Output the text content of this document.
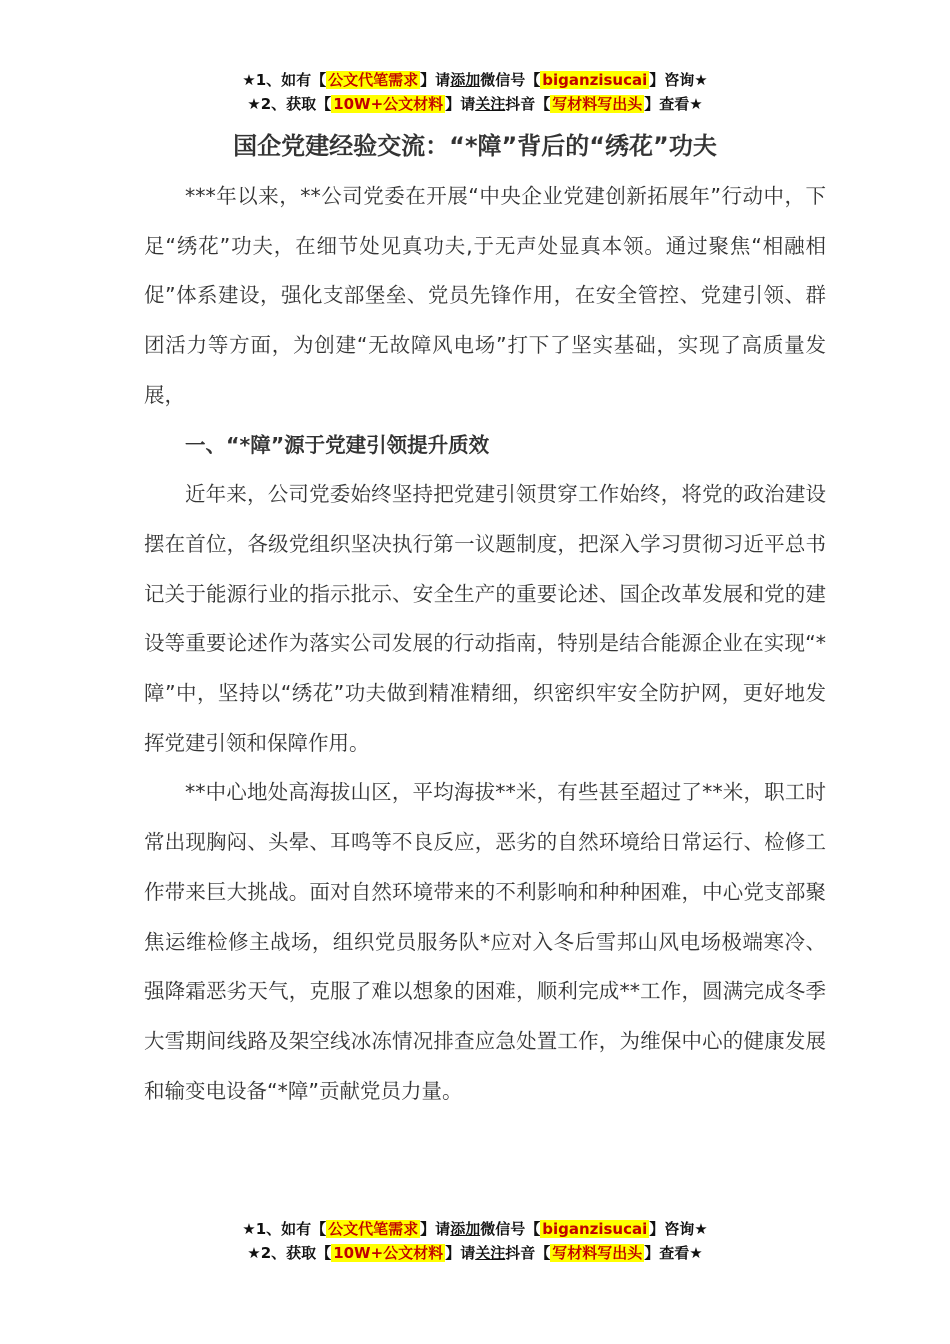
★1、如有【 公文代笔需求 】请添加微信号【 biganzisucai 】咨询★
★2、获取【 10W+公文材料 】请关注抖音【 写材料写出头 】查看★
国企党建经验交流：“*障”背后的“绣花”功夫

***年以来，**公司党委在开展“中央企业党建创新拓展年”行动中，下足“绣花”功夫，在细节处见真功夫,于无声处显真本领。通过聚焦“相融相促”体系建设，强化支部堡垒、党员先锋作用，在安全管控、党建引领、群团活力等方面，为创建“无故障风电场”打下了坚实基础，实现了高质量发展，

一、“*障”源于党建引领提升质效

近年来，公司党委始终坚持把党建引领贯穿工作始终，将党的政治建设摆在首位，各级党组织坚决执行第一议题制度，把深入学习贯彻习近平总书记关于能源行业的指示批示、安全生产的重要论述、国企改革发展和党的建设等重要论述作为落实公司发展的行动指南，特别是结合能源企业在实现“*障”中，坚持以“绣花”功夫做到精准精细，织密织牢安全防护网，更好地发挥党建引领和保障作用。

**中心地处高海拔山区，平均海拔**米，有些甚至超过了**米，职工时常出现胸闷、头晕、耳鸣等不良反应，恶劣的自然环境给日常运行、检修工作带来巨大挑战。面对自然环境带来的不利影响和种种困难，中心党支部聚焦运维检修主战场，组织党员服务队*应对入冬后雪邦山风电场极端寒冷、强降霜恶劣天气，克服了难以想象的困难，顺利完成**工作，圆满完成冬季大雪期间线路及架空线冰冻情况排查应急处置工作，为维保中心的健康发展和输变电设备“*障”贡献党员力量。

★1、如有【 公文代笔需求 】请添加微信号【 biganzisucai 】咨询★
★2、获取【 10W+公文材料 】请关注抖音【 写材料写出头 】查看★
